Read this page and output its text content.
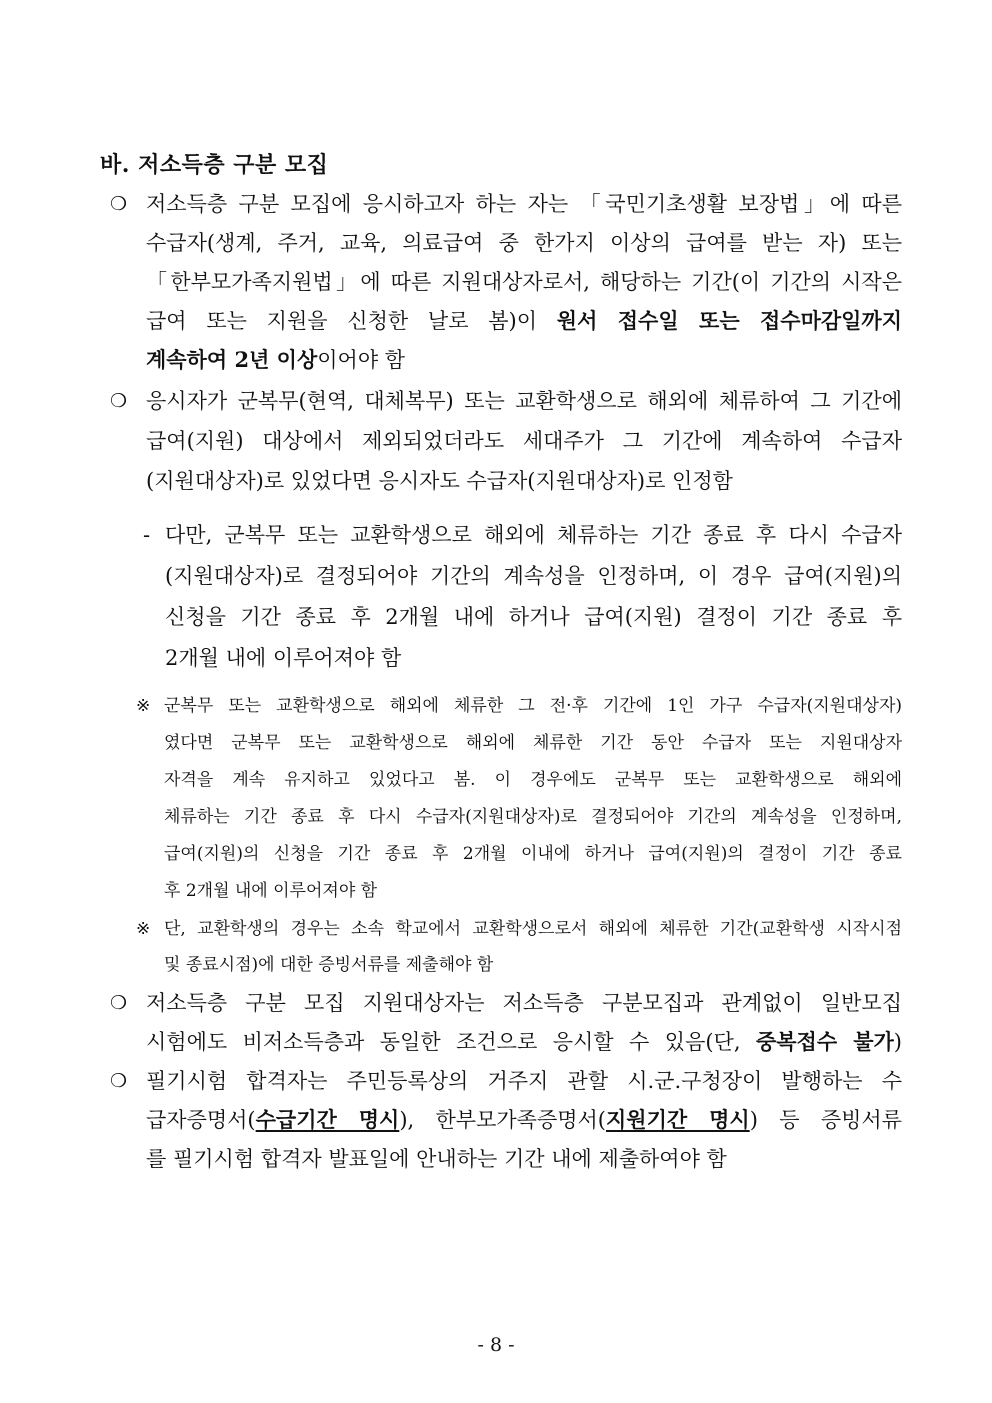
바. 저소득층 구분 모집
❍ 저소득층 구분 모집에 응시하고자 하는 자는 「국민기초생활 보장법」에 따른
수급자(생계, 주거, 교육, 의료급여 중 한가지 이상의 급여를 받는 자) 또는
「한부모가족지원법」에 따른 지원대상자로서, 해당하는 기간(이 기간의 시작은
급여 또는 지원을 신청한 날로 봄)이 원서 접수일 또는 접수마감일까지
계속하여 2년 이상이어야 함
❍ 응시자가 군복무(현역, 대체복무) 또는 교환학생으로 해외에 체류하여 그 기간에
급여(지원) 대상에서 제외되었더라도 세대주가 그 기간에 계속하여 수급자
(지원대상자)로 있었다면 응시자도 수급자(지원대상자)로 인정함
- 다만, 군복무 또는 교환학생으로 해외에 체류하는 기간 종료 후 다시 수급자
(지원대상자)로 결정되어야 기간의 계속성을 인정하며, 이 경우 급여(지원)의
신청을 기간 종료 후 2개월 내에 하거나 급여(지원) 결정이 기간 종료 후
2개월 내에 이루어져야 함
※ 군복무 또는 교환학생으로 해외에 체류한 그 전·후 기간에 1인 가구 수급자(지원대상자)
였다면 군복무 또는 교환학생으로 해외에 체류한 기간 동안 수급자 또는 지원대상자
자격을 계속 유지하고 있었다고 봄. 이 경우에도 군복무 또는 교환학생으로 해외에
체류하는 기간 종료 후 다시 수급자(지원대상자)로 결정되어야 기간의 계속성을 인정하며,
급여(지원)의 신청을 기간 종료 후 2개월 이내에 하거나 급여(지원)의 결정이 기간 종료
후 2개월 내에 이루어져야 함
※ 단, 교환학생의 경우는 소속 학교에서 교환학생으로서 해외에 체류한 기간(교환학생 시작시점
및 종료시점)에 대한 증빙서류를 제출해야 함
❍ 저소득층 구분 모집 지원대상자는 저소득층 구분모집과 관계없이 일반모집
시험에도 비저소득층과 동일한 조건으로 응시할 수 있음(단, 중복접수 불가)
❍ 필기시험 합격자는 주민등록상의 거주지 관할 시.군.구청장이 발행하는 수
급자증명서(수급기간 명시), 한부모가족증명서(지원기간 명시) 등 증빙서류
를 필기시험 합격자 발표일에 안내하는 기간 내에 제출하여야 함
- 8 -
